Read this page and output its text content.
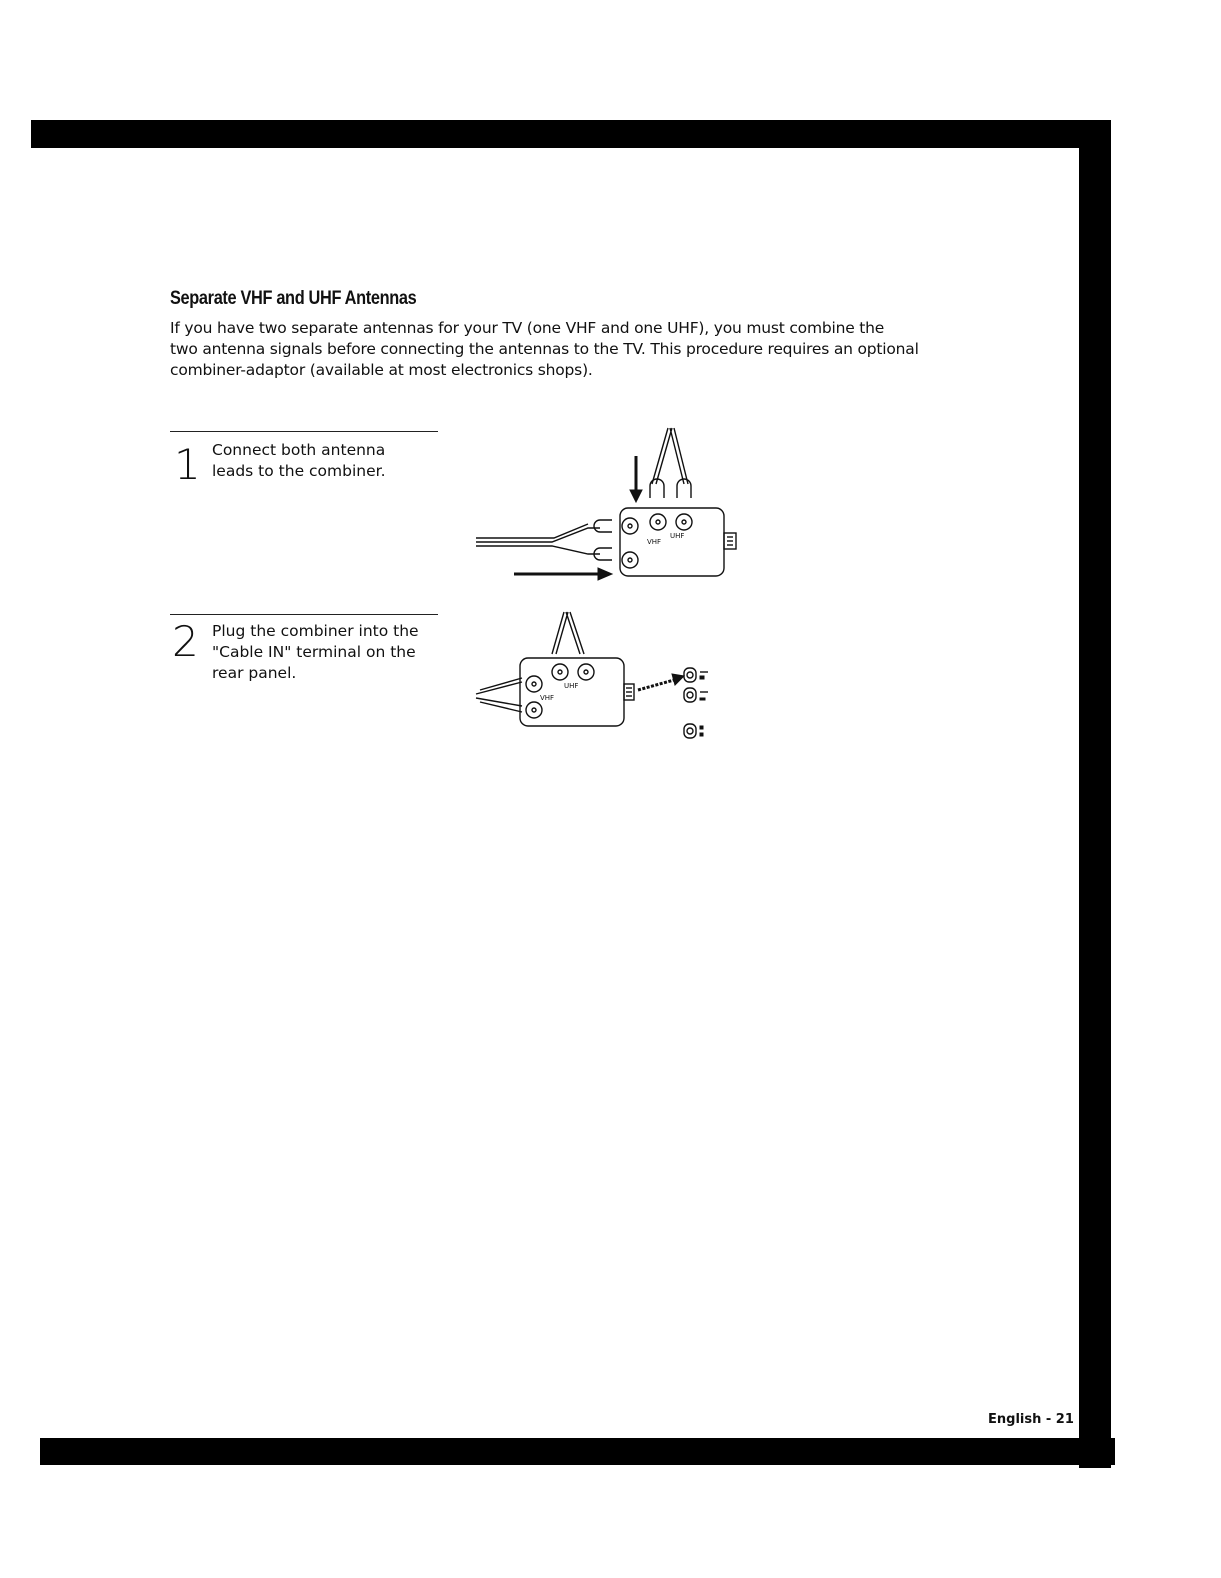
Separate VHF and UHF Antennas

If you have two separate antennas for your TV (one VHF and one UHF), you must combine the
two antenna signals before connecting the antennas to the TV. This procedure requires an optional
combiner-adaptor (available at most electronics shops).

1 Connect both antenna
leads to the combiner.

VHF
UHF
2 Plug the combiner into the
"Cable IN" terminal on the
rear panel.

VHF
UHF
English - 21
